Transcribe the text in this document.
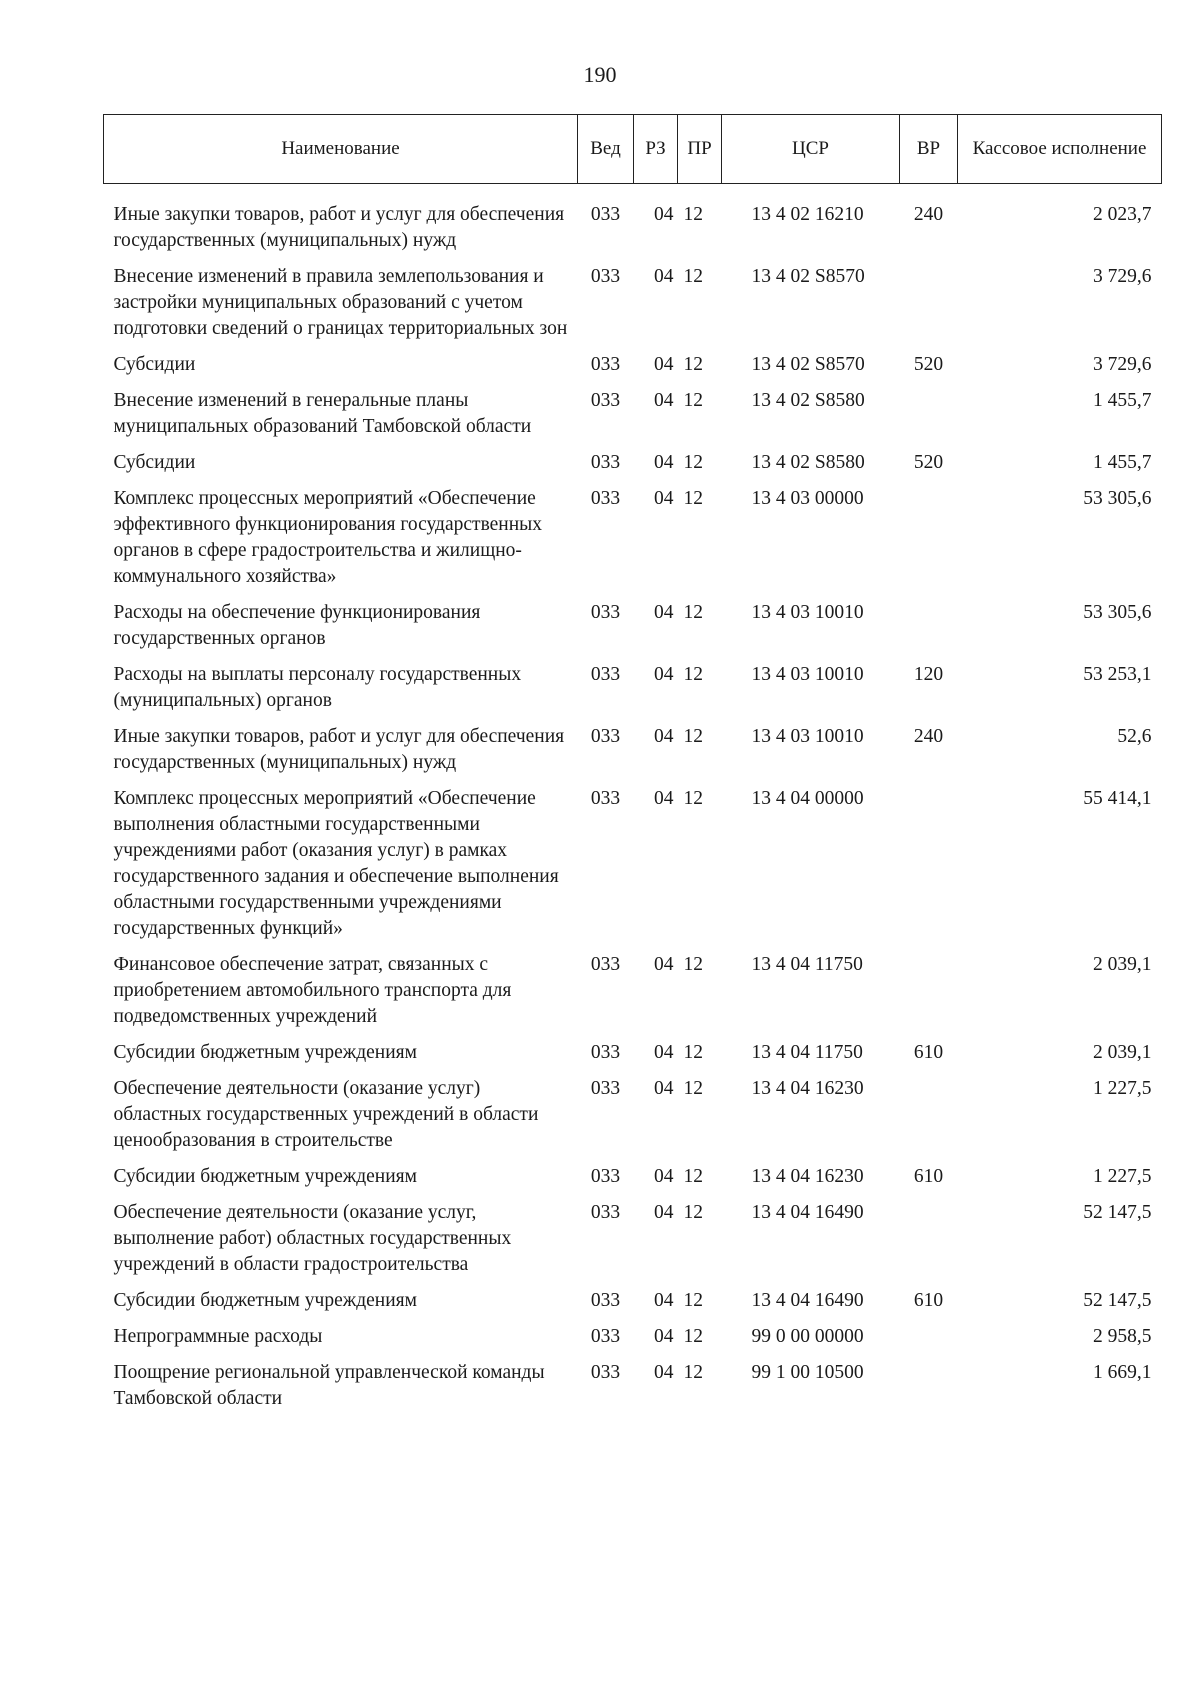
190
Наименование	Вед	РЗ	ПР	ЦСР	ВР	Кассовое исполнение

Иные закупки товаров, работ и услуг для обеспечения государственных (муниципальных) нужд	033	04	12	13 4 02 16210	240	2 023,7
Внесение изменений в правила землепользования и застройки муниципальных образований с учетом подготовки сведений о границах территориальных зон	033	04	12	13 4 02 S8570		3 729,6
Субсидии	033	04	12	13 4 02 S8570	520	3 729,6
Внесение изменений в генеральные планы муниципальных образований Тамбовской области	033	04	12	13 4 02 S8580		1 455,7
Субсидии	033	04	12	13 4 02 S8580	520	1 455,7
Комплекс процессных мероприятий «Обеспечение эффективного функционирования государственных органов в сфере градостроительства и жилищно-коммунального хозяйства»	033	04	12	13 4 03 00000		53 305,6
Расходы на обеспечение функционирования государственных органов	033	04	12	13 4 03 10010		53 305,6
Расходы на выплаты персоналу государственных (муниципальных) органов	033	04	12	13 4 03 10010	120	53 253,1
Иные закупки товаров, работ и услуг для обеспечения государственных (муниципальных) нужд	033	04	12	13 4 03 10010	240	52,6
Комплекс процессных мероприятий «Обеспечение выполнения областными государственными учреждениями работ (оказания услуг) в рамках государственного задания и обеспечение выполнения областными государственными учреждениями государственных функций»	033	04	12	13 4 04 00000		55 414,1
Финансовое обеспечение затрат, связанных с приобретением автомобильного транспорта для подведомственных учреждений	033	04	12	13 4 04 11750		2 039,1
Субсидии бюджетным учреждениям	033	04	12	13 4 04 11750	610	2 039,1
Обеспечение деятельности (оказание услуг) областных государственных учреждений в области ценообразования в строительстве	033	04	12	13 4 04 16230		1 227,5
Субсидии бюджетным учреждениям	033	04	12	13 4 04 16230	610	1 227,5
Обеспечение деятельности (оказание услуг, выполнение работ) областных государственных учреждений в области градостроительства	033	04	12	13 4 04 16490		52 147,5
Субсидии бюджетным учреждениям	033	04	12	13 4 04 16490	610	52 147,5
Непрограммные расходы	033	04	12	99 0 00 00000		2 958,5
Поощрение региональной управленческой команды Тамбовской области	033	04	12	99 1 00 10500		1 669,1
